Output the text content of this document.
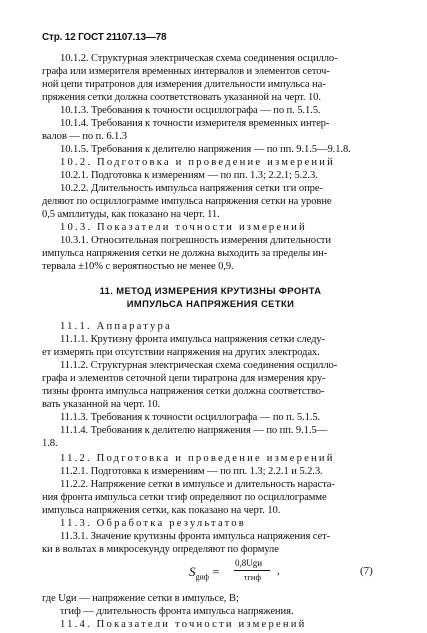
Стр. 12 ГОСТ 21107.13—78
10.1.2. Структурная электрическая схема соединения осцилло-
графа или измерителя временных интервалов и элементов сеточ-
ной цепи тиратронов для измерения длительности импульса на-
пряжения сетки должна соответствовать указанной на черт. 10.
10.1.3. Требования к точности осциллографа — по п. 5.1.5.
10.1.4. Требования к точности измерителя временных интер-
валов — по п. 6.1.3
10.1.5. Требования к делителю напряжения — по пп. 9.1.5—9.1.8.
10.2. Подготовка и проведение измерений
10.2.1. Подготовка к измерениям — по пп. 1.3; 2.2.1; 5.2.3.
10.2.2. Длительность импульса напряжения сетки τги опре-
деляют по осциллограмме импульса напряжения сетки на уровне
0,5 амплитуды, как показано на черт. 11.
10.3. Показатели точности измерений
10.3.1. Относительная погрешность измерения длительности
импульса напряжения сетки не должна выходить за пределы ин-
тервала ±10% с вероятностью не менее 0,9.
11. МЕТОД ИЗМЕРЕНИЯ КРУТИЗНЫ ФРОНТА
ИМПУЛЬСА НАПРЯЖЕНИЯ СЕТКИ
11.1. Аппаратура
11.1.1. Крутизну фронта импульса напряжения сетки следу-
ет измерять при отсутствии напряжения на других электродах.
11.1.2. Структурная электрическая схема соединения осцилло-
графа и элементов сеточной цепи тиратрона для измерения кру-
тизны фронта импульса напряжения сетки должна соответство-
вать указанной на черт. 10.
11.1.3. Требования к точности осциллографа — по п. 5.1.5.
11.1.4. Требования к делителю напряжения — по пп. 9.1.5—
1.8.
11.2. Подготовка и проведение измерений
11.2.1. Подготовка к измерениям — по пп. 1.3; 2.2.1 и 5.2.3.
11.2.2. Напряжение сетки в импульсе и длительность нараста-
ния фронта импульса сетки τгиф определяют по осциллограмме
импульса напряжения сетки, как показано на черт. 10.
11.3. Обработка результатов
11.3.1. Значение крутизны фронта импульса напряжения сет-
ки в вольтах в микросекунду определяют по формуле
$S_{gиф}$ =
0,8Ugи
τгиф ,	(7)
где Ugи — напряжение сетки в импульсе, В;
τгиф — длительность фронта импульса напряжения.
11.4. Показатели точности измерений
